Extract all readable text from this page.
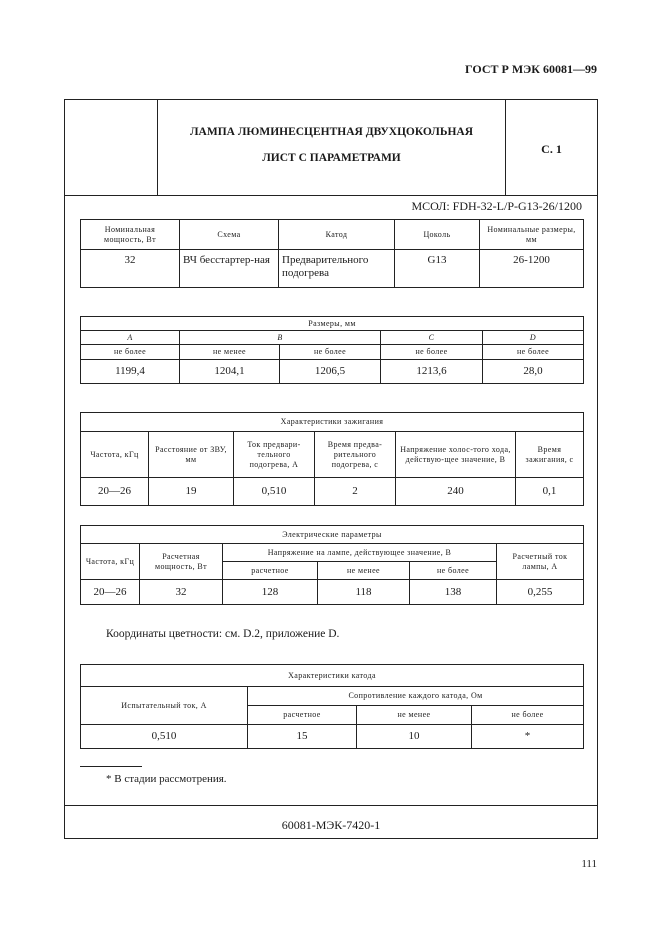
ГОСТ Р МЭК 60081—99
ЛАМПА ЛЮМИНЕСЦЕНТНАЯ ДВУХЦОКОЛЬНАЯ
ЛИСТ С ПАРАМЕТРАМИ
С. 1
МСОЛ: FDH-32-L/P-G13-26/1200
Номинальная мощность, Вт	Схема	Катод	Цоколь	Номинальные размеры, мм
32	ВЧ бесстартер-ная	Предварительного подогрева	G13	26-1200
Размеры, мм				
A	B		C	D
не более	не менее	не более	не более	не более
1199,4	1204,1	1206,5	1213,6	28,0
Характеристики зажигания					
Частота, кГц	Расстояние от ЗВУ, мм	Ток предвари-тельного подогрева, А	Время предва-рительного подогрева, с	Напряжение холос-того хода, действую-щее значение, В	Время зажигания, с
20—26	19	0,510	2	240	0,1
Электрические параметры					
Частота, кГц	Расчетная мощность, Вт	Напряжение на лампе, действующее значение, В			Расчетный ток лампы, А
		расчетное	не менее	не более	
20—26	32	128	118	138	0,255
Координаты цветности: см. D.2, приложение D.
Характеристики катода			
Испытательный ток, А	Сопротивление каждого катода, Ом		
	расчетное	не менее	не более
0,510	15	10	*
* В стадии рассмотрения.
60081-МЭК-7420-1
111
